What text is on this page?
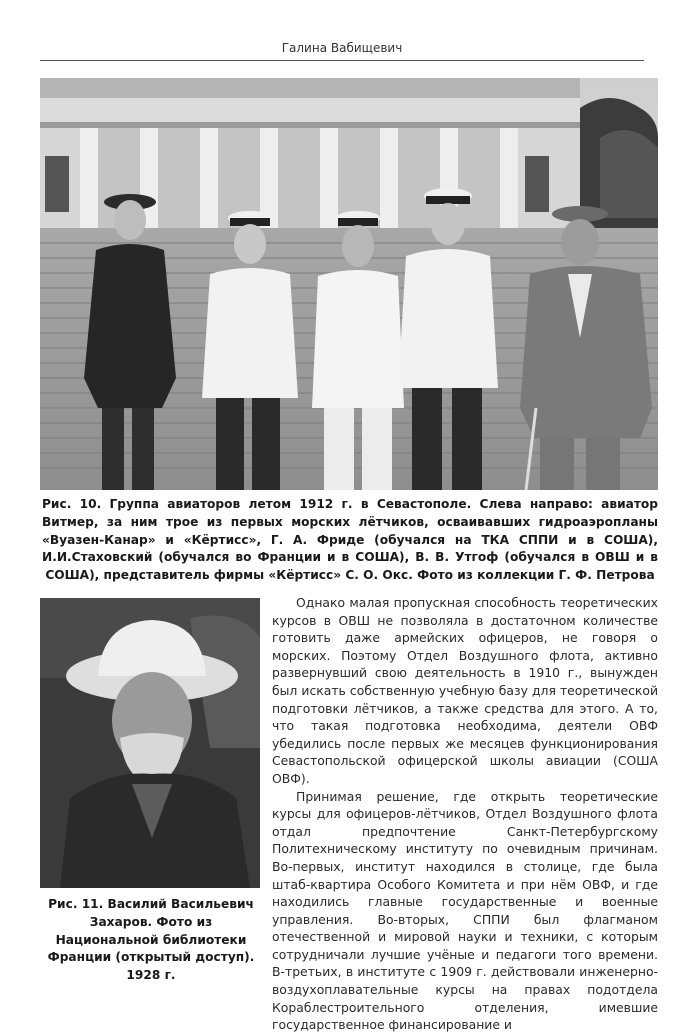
Галина Вабищевич
Рис. 10. Группа авиаторов летом 1912 г. в Севастополе. Слева направо: авиатор Витмер, за ним трое из первых морских лётчиков, осваивавших гидроаэропланы «Вуазен-Канар» и «Кёртисс», Г. А. Фриде (обучался на ТКА СППИ и в СОША), И.И.Стаховский (обучался во Франции и в СОША), В. В. Утгоф (обучался в ОВШ и в СОША), представитель фирмы «Кёртисс» С. О. Окс. Фото из коллекции Г. Ф. Петрова
Рис. 11. Василий Васильевич Захаров. Фото из Национальной библиотеки Франции (открытый доступ). 1928 г.

Однако малая пропускная способность теоретических курсов в ОВШ не позволяла в достаточном количестве готовить даже армейских офицеров, не говоря о морских. Поэтому Отдел Воздушного флота, активно развернувший свою деятельность в 1910 г., вынужден был искать собственную учебную базу для теоретической подготовки лётчиков, а также средства для этого. А то, что такая подготовка необходима, деятели ОВФ убедились после первых же месяцев функционирования Севастопольской офицерской школы авиации (СОША ОВФ).

Принимая решение, где открыть теоретические курсы для офицеров-лётчиков, Отдел Воздушного флота отдал предпочтение Санкт-Петербургскому Политехническому институту по очевидным причинам. Во-первых, институт находился в столице, где была штаб-квартира Особого Комитета и при нём ОВФ, и где находились главные государственные и военные управления. Во-вторых, СППИ был флагманом отечественной и мировой науки и техники, с которым сотрудничали лучшие учёные и педагоги того времени. В-третьих, в институте с 1909 г. действовали инженерно-воздухоплавательные курсы на правах подотдела Кораблестроительного отделения, имевшие государственное финансирование и
